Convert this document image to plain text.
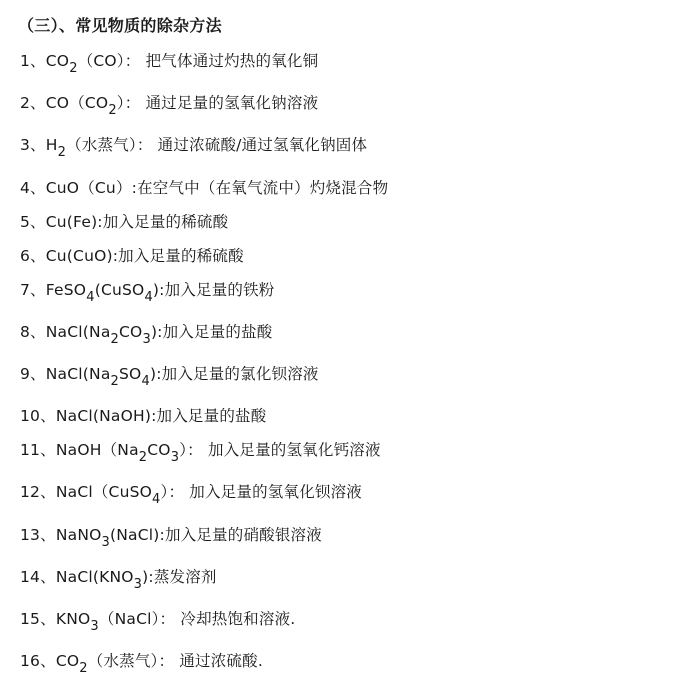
（三）、常见物质的除杂方法
1、$CO_2(CO)$： 把气体通过灼热的氧化铜
2、$CO(CO_2)$： 通过足量的氢氧化钠溶液
3、$H_2$（水蒸气）： 通过浓硫酸/通过氢氧化钠固体
4、CuO（Cu）:在空气中（在氧气流中）灼烧混合物
5、Cu(Fe):加入足量的稀硫酸
6、Cu(CuO):加入足量的稀硫酸
7、FeSO$_4$(CuSO$_4$):加入足量的铁粉
8、$NaCl(Na_2CO_3)$:加入足量的盐酸
9、$NaCl(Na_2SO_4)$:加入足量的氯化钡溶液
10、NaCl(NaOH):加入足量的盐酸
11、$NaOH(Na_2CO_3)$： 加入足量的氢氧化钙溶液
12、NaCl（CuSO$_4$）： 加入足量的氢氧化钡溶液
13、NaNO$_3$(NaCl):加入足量的硝酸银溶液
14、$NaCl(KNO_3)$:蒸发溶剂
15、$KNO_3(NaCl)$： 冷却热饱和溶液.
16、$CO_2$（水蒸气）： 通过浓硫酸.
